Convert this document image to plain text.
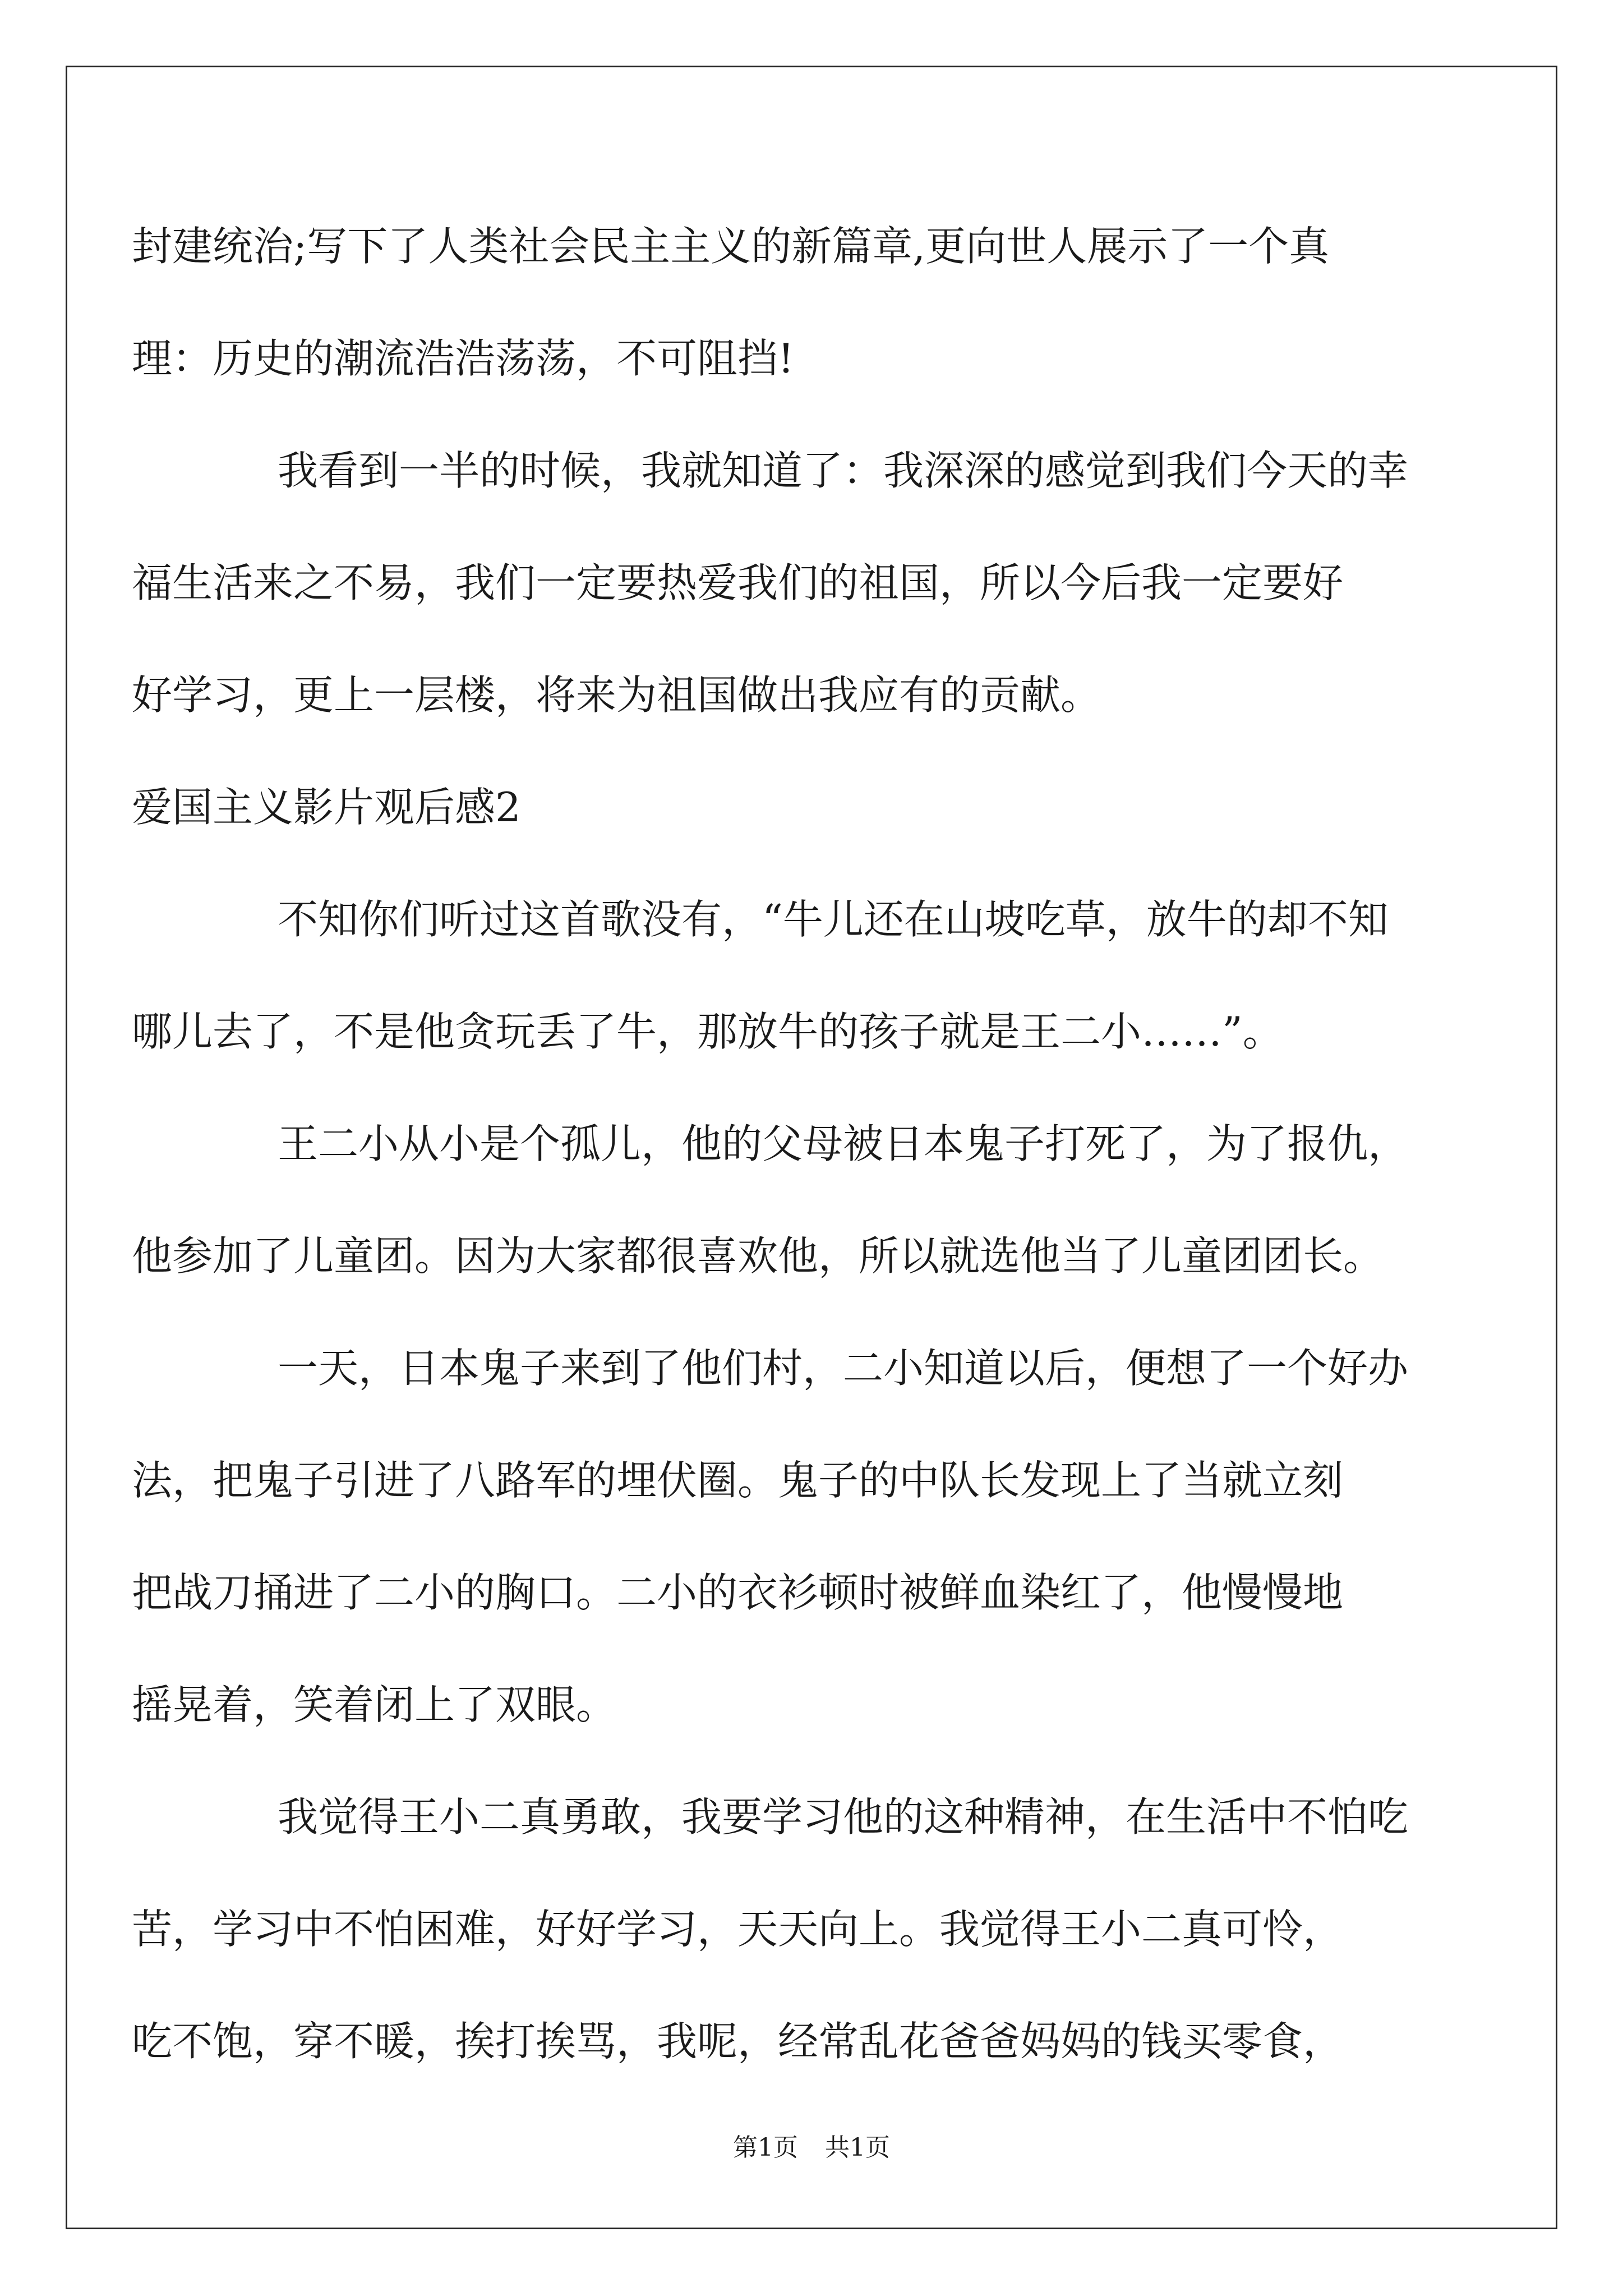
封建统治;写下了人类社会民主主义的新篇章,更向世人展示了一个真
理：历史的潮流浩浩荡荡，不可阻挡!
我看到一半的时候，我就知道了：我深深的感觉到我们今天的幸
福生活来之不易，我们一定要热爱我们的祖国，所以今后我一定要好
好学习，更上一层楼，将来为祖国做出我应有的贡献。
爱国主义影片观后感2
不知你们听过这首歌没有，“牛儿还在山坡吃草，放牛的却不知
哪儿去了，不是他贪玩丢了牛，那放牛的孩子就是王二小……”。
王二小从小是个孤儿，他的父母被日本鬼子打死了，为了报仇，
他参加了儿童团。因为大家都很喜欢他，所以就选他当了儿童团团长。
一天，日本鬼子来到了他们村，二小知道以后，便想了一个好办
法，把鬼子引进了八路军的埋伏圈。鬼子的中队长发现上了当就立刻
把战刀捅进了二小的胸口。二小的衣衫顿时被鲜血染红了，他慢慢地
摇晃着，笑着闭上了双眼。
我觉得王小二真勇敢，我要学习他的这种精神，在生活中不怕吃
苦，学习中不怕困难，好好学习，天天向上。我觉得王小二真可怜，
吃不饱，穿不暖，挨打挨骂，我呢，经常乱花爸爸妈妈的钱买零食，
第1页 共1页
